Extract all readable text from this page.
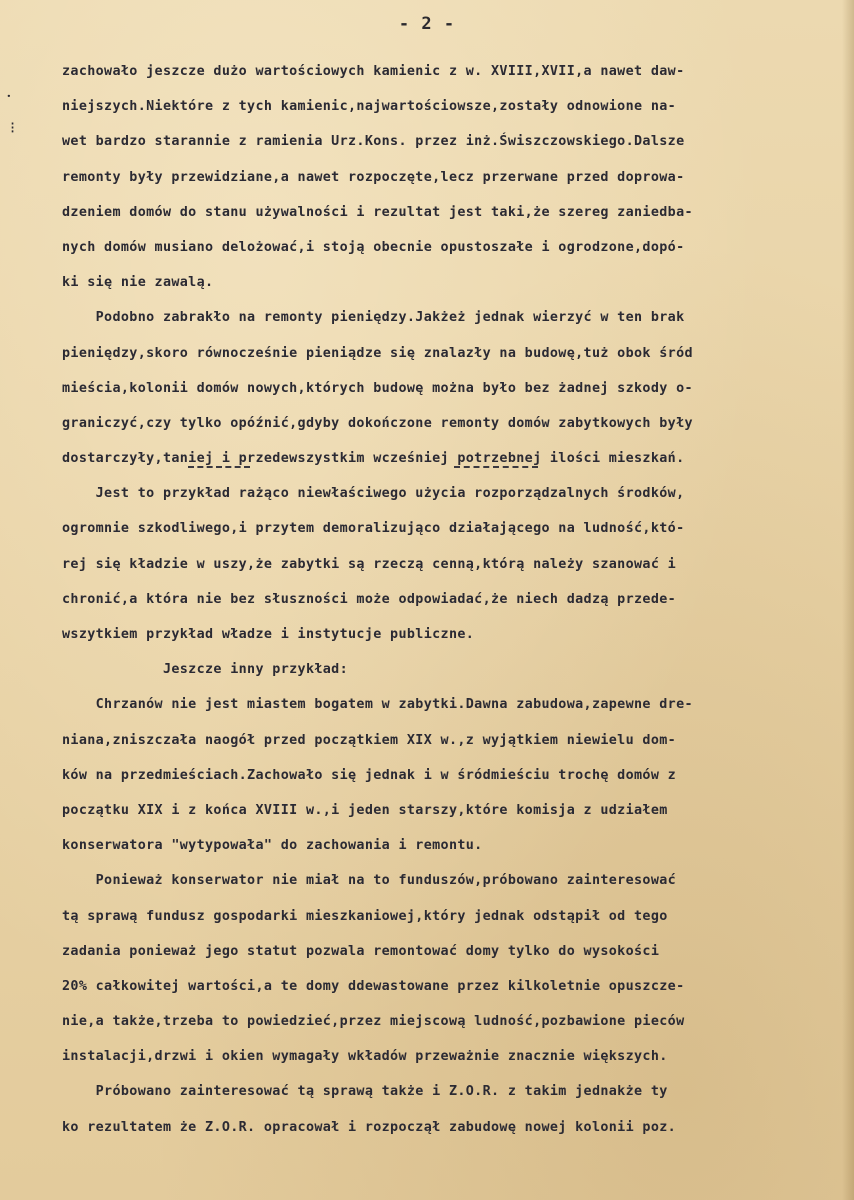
- 2 -
·
⁝
zachowało jeszcze dużo wartościowych kamienic z w. XVIII,XVII,a nawet daw-
niejszych.Niektóre z tych kamienic,najwartościowsze,zostały odnowione na-
wet bardzo starannie z ramienia Urz.Kons. przez inż.Świszczowskiego.Dalsze
remonty były przewidziane,a nawet rozpoczęte,lecz przerwane przed doprowa-
dzeniem domów do stanu używalności i rezultat jest taki,że szereg zaniedba-
nych domów musiano delożować,i stoją obecnie opustoszałe i ogrodzone,dopó-
ki się nie zawalą.
Podobno zabrakło na remonty pieniędzy.Jakżeż jednak wierzyć w ten brak
pieniędzy,skoro równocześnie pieniądze się znalazły na budowę,tuż obok śród
mieścia,kolonii domów nowych,których budowę można było bez żadnej szkody o-
graniczyć,czy tylko opóźnić,gdyby dokończone remonty domów zabytkowych były
dostarczyły,taniej i przedewszystkim wcześniej potrzebnej ilości mieszkań.
Jest to przykład rażąco niewłaściwego użycia rozporządzalnych środków,
ogromnie szkodliwego,i przytem demoralizująco działającego na ludność,któ-
rej się kładzie w uszy,że zabytki są rzeczą cenną,którą należy szanować i
chronić,a która nie bez słuszności może odpowiadać,że niech dadzą przede-
wszytkiem przykład władze i instytucje publiczne.
Jeszcze inny przykład:
Chrzanów nie jest miastem bogatem w zabytki.Dawna zabudowa,zapewne dre-
niana,zniszczała naogół przed początkiem XIX w.,z wyjątkiem niewielu dom-
ków na przedmieściach.Zachowało się jednak i w śródmieściu trochę domów z
początku XIX i z końca XVIII w.,i jeden starszy,które komisja z udziałem
konserwatora "wytypowała" do zachowania i remontu.
Ponieważ konserwator nie miał na to funduszów,próbowano zainteresować
tą sprawą fundusz gospodarki mieszkaniowej,który jednak odstąpił od tego
zadania ponieważ jego statut pozwala remontować domy tylko do wysokości
20% całkowitej wartości,a te domy ddewastowane przez kilkoletnie opuszcze-
nie,a także,trzeba to powiedzieć,przez miejscową ludność,pozbawione pieców
instalacji,drzwi i okien wymagały wkładów przeważnie znacznie większych.
Próbowano zainteresować tą sprawą także i Z.O.R. z takim jednakże ty
ko rezultatem że Z.O.R. opracował i rozpoczął zabudowę nowej kolonii poz.
